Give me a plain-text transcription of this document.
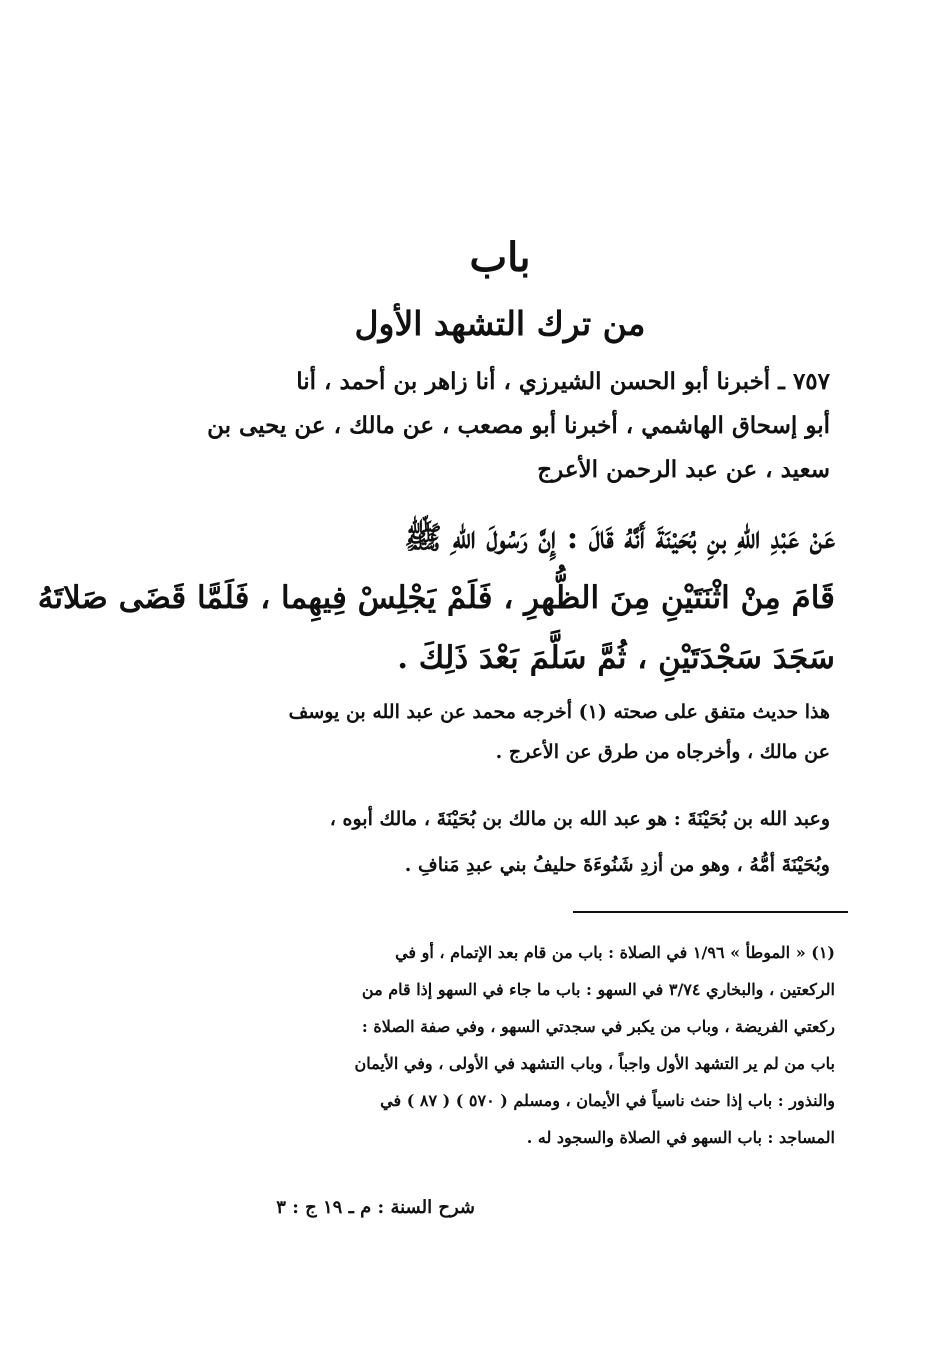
باب
من ترك التشهد الأول
٧٥٧ ـ أخبرنا أبو الحسن الشيرزي ، أنا زاهر بن أحمد ، أنا
أبو إسحاق الهاشمي ، أخبرنا أبو مصعب ، عن مالك ، عن يحيى بن
سعيد ، عن عبد الرحمن الأعرج
عَنْ عَبْدِ اللهِ بنِ بُحَيْنَةَ أَنَّهُ قَالَ : إِنَّ رَسُولَ اللهِ ﷺ
قَامَ مِنْ اثْنَتَيْنِ مِنَ الظُّهرِ ، فَلَمْ يَجْلِسْ فِيهِما ، فَلَمَّا قَضَى صَلاتَهُ
سَجَدَ سَجْدَتَيْنِ ، ثُمَّ سَلَّمَ بَعْدَ ذَلِكَ .
هذا حديث متفق على صحته (١) أخرجه محمد عن عبد الله بن يوسف
عن مالك ، وأخرجاه من طرق عن الأعرج .
وعبد الله بن بُحَيْنَةَ : هو عبد الله بن مالك بن بُحَيْنَةَ ، مالك أبوه ،
وبُحَيْنَةَ أمُّهُ ، وهو من أزدِ شَنُوءَةَ حليفُ بني عبدِ مَنافِ .
(١) « الموطأ » ١/٩٦ في الصلاة : باب من قام بعد الإتمام ، أو في
الركعتين ، والبخاري ٣/٧٤ في السهو : باب ما جاء في السهو إذا قام من
ركعتي الفريضة ، وباب من يكبر في سجدتي السهو ، وفي صفة الصلاة :
باب من لم ير التشهد الأول واجباً ، وباب التشهد في الأولى ، وفي الأيمان
والنذور : باب إذا حنث ناسياً في الأيمان ، ومسلم ( ٥٧٠ ) ( ٨٧ ) في
المساجد : باب السهو في الصلاة والسجود له .
شرح السنة : م ـ ١٩ ج : ٣
